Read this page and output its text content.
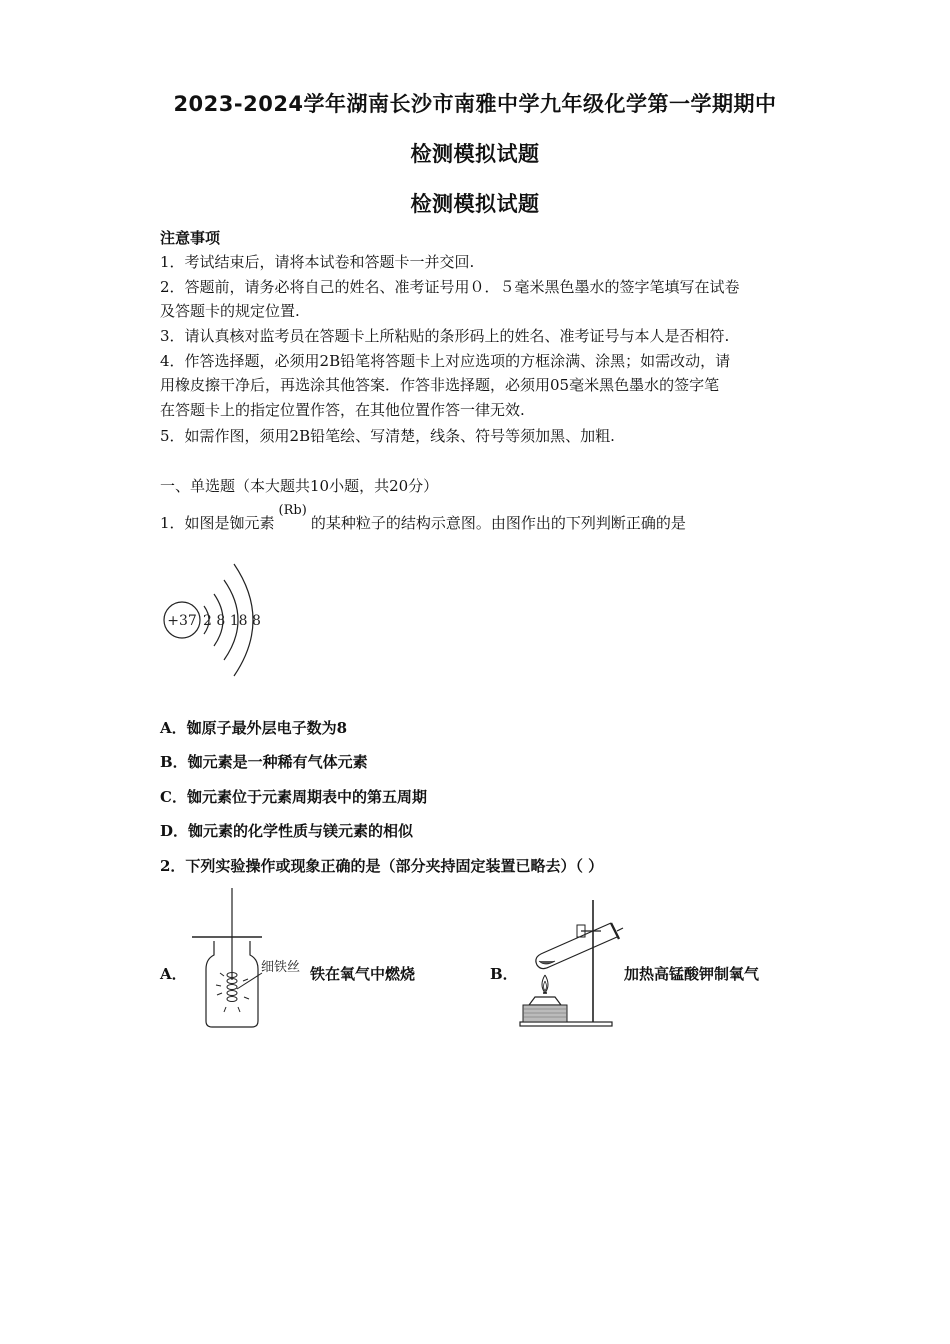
2023-2024学年湖南长沙市南雅中学九年级化学第一学期期中
检测模拟试题
检测模拟试题
注意事项
1．考试结束后，请将本试卷和答题卡一并交回.
2．答题前，请务必将自己的姓名、准考证号用０．５毫米黑色墨水的签字笔填写在试卷
及答题卡的规定位置.
3．请认真核对监考员在答题卡上所粘贴的条形码上的姓名、准考证号与本人是否相符.
4．作答选择题，必须用2B铅笔将答题卡上对应选项的方框涂满、涂黑；如需改动，请
用橡皮擦干净后，再选涂其他答案．作答非选择题，必须用05毫米黑色墨水的签字笔
在答题卡上的指定位置作答，在其他位置作答一律无效.
5．如需作图，须用2B铅笔绘、写清楚，线条、符号等须加黑、加粗.
一、单选题（本大题共10小题，共20分）
1．如图是铷元素(Rb)的某种粒子的结构示意图。由图作出的下列判断正确的是
+37 2 8 18 8
A．铷原子最外层电子数为8
B．铷元素是一种稀有气体元素
C．铷元素位于元素周期表中的第五周期
D．铷元素的化学性质与镁元素的相似
2．下列实验操作或现象正确的是（部分夹持固定装置已略去）（ ）
A．	细铁丝 铁在氧气中燃烧	B．	加热高锰酸钾制氧气
